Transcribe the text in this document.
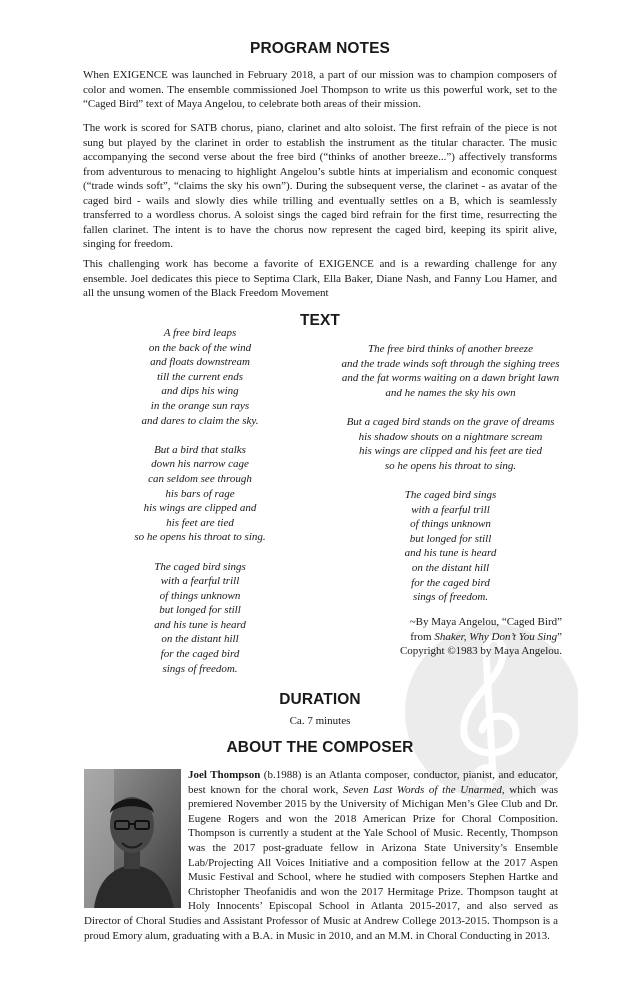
PROGRAM NOTES

When EXIGENCE was launched in February 2018, a part of our mission was to champion composers of color and women. The ensemble commissioned Joel Thompson to write us this powerful work, set to the “Caged Bird” text of Maya Angelou, to celebrate both areas of their mission.

The work is scored for SATB chorus, piano, clarinet and alto soloist. The first refrain of the piece is not sung but played by the clarinet in order to establish the instrument as the titular character. The music accompanying the second verse about the free bird (“thinks of another breeze...”) affectively transforms from adventurous to menacing to highlight Angelou’s subtle hints at imperialism and economic conquest (“trade winds soft”, “claims the sky his own”). During the subsequent verse, the clarinet - as avatar of the caged bird - wails and slowly dies while trilling and eventually settles on a B, which is seamlessly transferred to a wordless chorus. A soloist sings the caged bird refrain for the first time, resurrecting the fallen clarinet. The intent is to have the chorus now represent the caged bird, keeping its spirit alive, singing for freedom.

This challenging work has become a favorite of EXIGENCE and is a rewarding challenge for any ensemble. Joel dedicates this piece to Septima Clark, Ella Baker, Diane Nash, and Fanny Lou Hamer, and all the unsung women of the Black Freedom Movement

TEXT
A free bird leaps
on the back of the wind
and floats downstream
till the current ends
and dips his wing
in the orange sun rays
and dares to claim the sky.
But a bird that stalks
down his narrow cage
can seldom see through
his bars of rage
his wings are clipped and
his feet are tied
so he opens his throat to sing.
The caged bird sings
with a fearful trill
of things unknown
but longed for still
and his tune is heard
on the distant hill
for the caged bird
sings of freedom.
The free bird thinks of another breeze
and the trade winds soft through the sighing trees
and the fat worms waiting on a dawn bright lawn
and he names the sky his own
But a caged bird stands on the grave of dreams
his shadow shouts on a nightmare scream
his wings are clipped and his feet are tied
so he opens his throat to sing.
The caged bird sings
with a fearful trill
of things unknown
but longed for still
and his tune is heard
on the distant hill
for the caged bird
sings of freedom.
~By Maya Angelou, “Caged Bird”
from Shaker, Why Don’t You Sing”
Copyright ©1983 by Maya Angelou.
DURATION
Ca. 7 minutes
ABOUT THE COMPOSER
Joel Thompson (b.1988) is an Atlanta composer, conductor, pianist, and educator, best known for the choral work, Seven Last Words of the Unarmed, which was premiered November 2015 by the University of Michigan Men’s Glee Club and Dr. Eugene Rogers and won the 2018 American Prize for Choral Composition. Thompson is currently a student at the Yale School of Music. Recently, Thompson was the 2017 post-graduate fellow in Arizona State University’s Ensemble Lab/Projecting All Voices Initiative and a composition fellow at the 2017 Aspen Music Festival and School, where he studied with composers Stephen Hartke and Christopher Theofanidis and won the 2017 Hermitage Prize. Thompson taught at Holy Innocents’ Episcopal School in Atlanta 2015-2017, and also served as Director of Choral Studies and Assistant Professor of Music at Andrew College 2013-2015. Thompson is a proud Emory alum, graduating with a B.A. in Music in 2010, and an M.M. in Choral Conducting in 2013.
